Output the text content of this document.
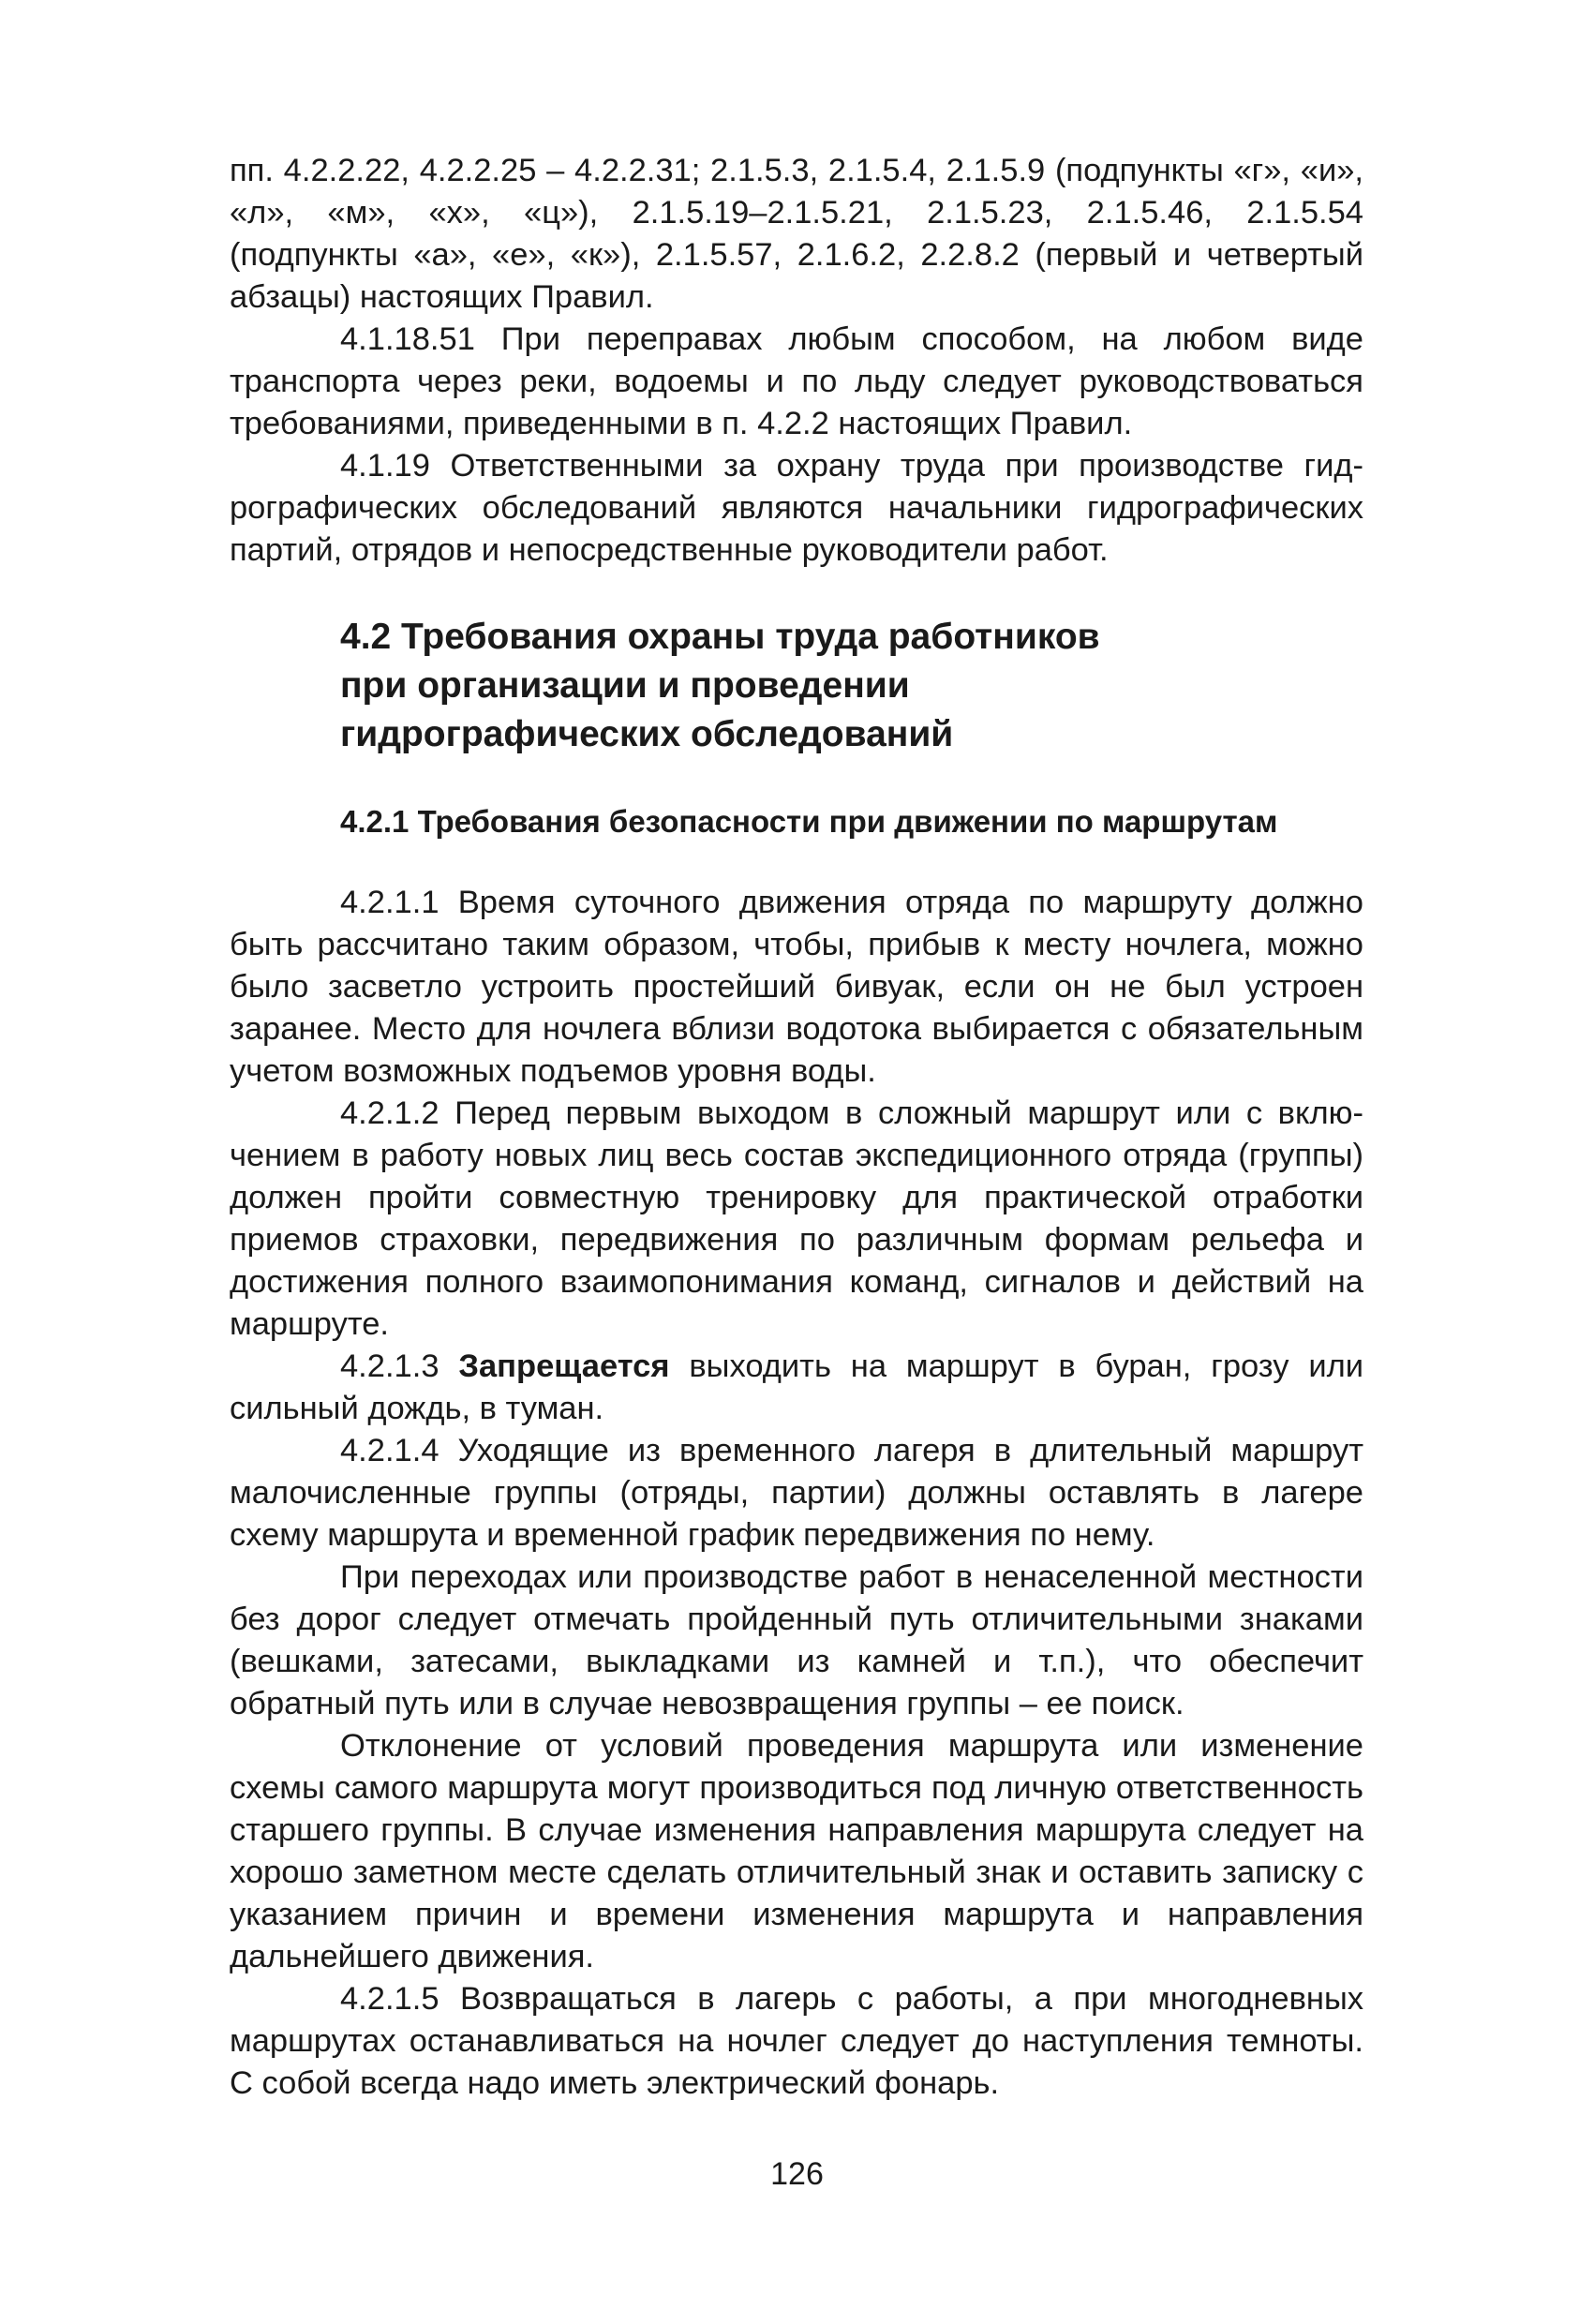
пп. 4.2.2.22, 4.2.2.25 – 4.2.2.31; 2.1.5.3, 2.1.5.4, 2.1.5.9 (подпункты «г», «и», «л», «м», «х», «ц»), 2.1.5.19–2.1.5.21, 2.1.5.23, 2.1.5.46, 2.1.5.54 (подпункты «а», «е», «к»), 2.1.5.57, 2.1.6.2, 2.2.8.2 (первый и четвертый абзацы) настоящих Правил.

4.1.18.51 При переправах любым способом, на любом виде транспорта через реки, водоемы и по льду следует руководствоваться требованиями, приведенными в п. 4.2.2 настоящих Правил.

4.1.19 Ответственными за охрану труда при производстве гидрографических обследований являются начальники гидрографических партий, отрядов и непосредственные руководители работ.

4.2 Требования охраны труда работников
при организации и проведении
гидрографических обследований
4.2.1 Требования безопасности при движении по маршрутам

4.2.1.1 Время суточного движения отряда по маршруту должно быть рассчитано таким образом, чтобы, прибыв к месту ночлега, можно было засветло устроить простейший бивуак, если он не был устроен заранее. Место для ночлега вблизи водотока выбирается с обязательным учетом возможных подъемов уровня воды.

4.2.1.2 Перед первым выходом в сложный маршрут или с включением в работу новых лиц весь состав экспедиционного отряда (группы) должен пройти совместную тренировку для практической отработки приемов страховки, передвижения по различным формам рельефа и достижения полного взаимопонимания команд, сигналов и действий на маршруте.

4.2.1.3 Запрещается выходить на маршрут в буран, грозу или сильный дождь, в туман.

4.2.1.4 Уходящие из временного лагеря в длительный маршрут малочисленные группы (отряды, партии) должны оставлять в лагере схему маршрута и временной график передвижения по нему.

При переходах или производстве работ в ненаселенной местности без дорог следует отмечать пройденный путь отличительными знаками (вешками, затесами, выкладками из камней и т.п.), что обеспечит обратный путь или в случае невозвращения группы – ее поиск.

Отклонение от условий проведения маршрута или изменение схемы самого маршрута могут производиться под личную ответственность старшего группы. В случае изменения направления маршрута следует на хорошо заметном месте сделать отличительный знак и оставить записку с указанием причин и времени изменения маршрута и направления дальнейшего движения.

4.2.1.5 Возвращаться в лагерь с работы, а при многодневных маршрутах останавливаться на ночлег следует до наступления темноты. С собой всегда надо иметь электрический фонарь.

126
